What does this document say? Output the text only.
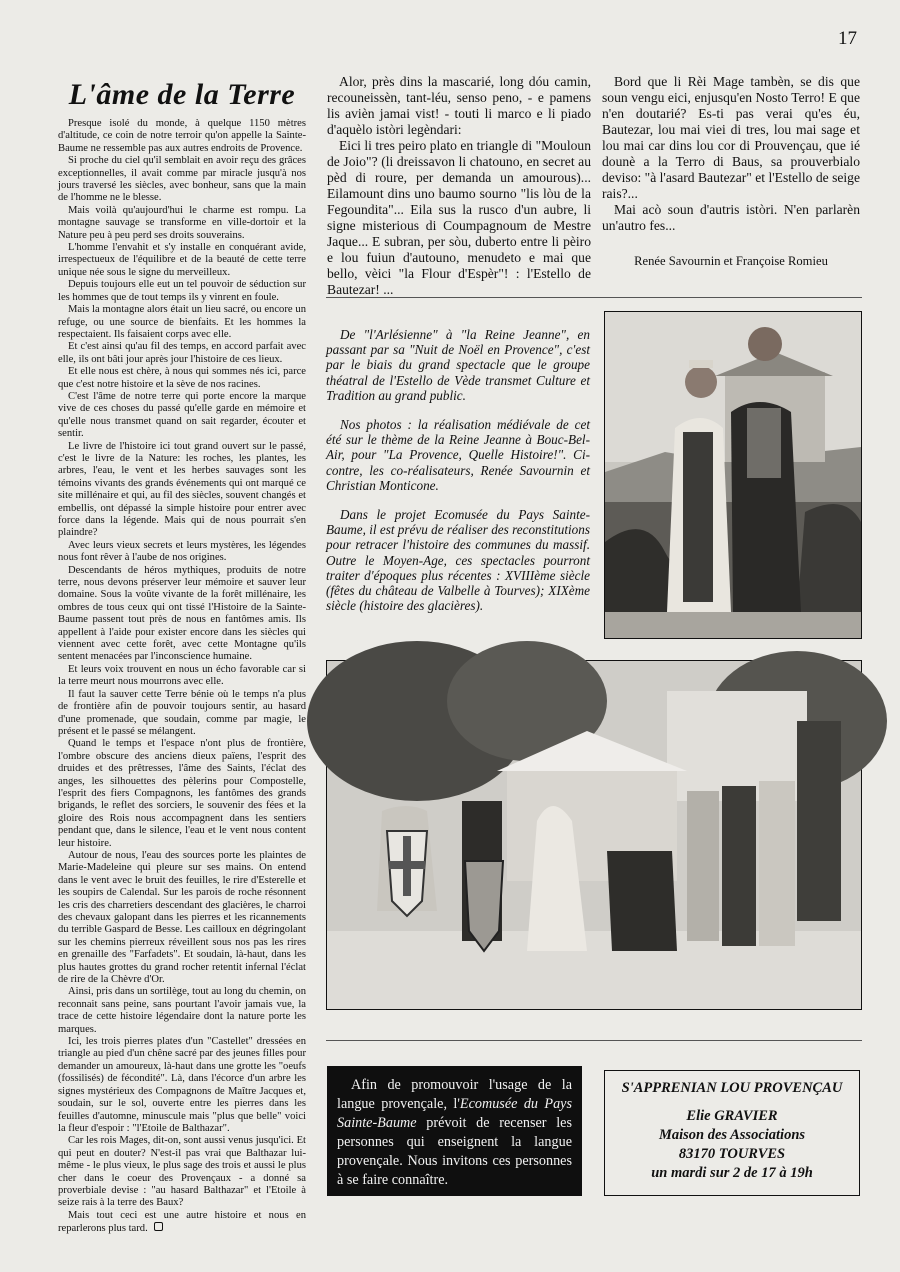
17
L'âme de la Terre

Presque isolé du monde, à quelque 1150 mètres d'altitude, ce coin de notre terroir qu'on appelle la Sainte-Baume ne ressemble pas aux autres endroits de Provence.

Si proche du ciel qu'il semblait en avoir reçu des grâces exceptionnelles, il avait comme par miracle jusqu'à nos jours traversé les siècles, avec bonheur, sans que la main de l'homme ne le blesse.

Mais voilà qu'aujourd'hui le charme est rompu. La montagne sauvage se transforme en ville-dortoir et la Nature peu à peu perd ses droits souverains.

L'homme l'envahit et s'y installe en conquérant avide, irrespectueux de l'équilibre et de la beauté de cette terre unique née sous le signe du merveilleux.

Depuis toujours elle eut un tel pouvoir de séduction sur les hommes que de tout temps ils y vinrent en foule.

Mais la montagne alors était un lieu sacré, ou encore un refuge, ou une source de bienfaits. Et les hommes la respectaient. Ils faisaient corps avec elle.

Et c'est ainsi qu'au fil des temps, en accord parfait avec elle, ils ont bâti jour après jour l'histoire de ces lieux.

Et elle nous est chère, à nous qui sommes nés ici, parce que c'est notre histoire et la sève de nos racines.

C'est l'âme de notre terre qui porte encore la marque vive de ces choses du passé qu'elle garde en mémoire et qu'elle nous transmet quand on sait regarder, écouter et sentir.

Le livre de l'histoire ici tout grand ouvert sur le passé, c'est le livre de la Nature: les roches, les plantes, les arbres, l'eau, le vent et les herbes sauvages sont les témoins vivants des grands événements qui ont marqué ce site millénaire et qui, au fil des siècles, souvent changés et embellis, ont dépassé la simple histoire pour entrer avec force dans la légende. Mais qui de nous pourrait s'en plaindre?

Avec leurs vieux secrets et leurs mystères, les légendes nous font rêver à l'aube de nos origines.

Descendants de héros mythiques, produits de notre terre, nous devons préserver leur mémoire et sauver leur domaine. Sous la voûte vivante de la forêt millénaire, les ombres de tous ceux qui ont tissé l'Histoire de la Sainte-Baume passent tout près de nous en fantômes amis. Ils appellent à l'aide pour exister encore dans les siècles qui viennent avec cette forêt, avec cette Montagne qu'ils sentent menacées par l'inconscience humaine.

Et leurs voix trouvent en nous un écho favorable car si la terre meurt nous mourrons avec elle.

Il faut la sauver cette Terre bénie où le temps n'a plus de frontière afin de pouvoir toujours sentir, au hasard d'une promenade, que soudain, comme par magie, le présent et le passé se mélangent.

Quand le temps et l'espace n'ont plus de frontière, l'ombre obscure des anciens dieux païens, l'esprit des druides et des prêtresses, l'âme des Saints, l'éclat des anges, les silhouettes des pèlerins pour Compostelle, l'esprit des fiers Compagnons, les fantômes des grands brigands, le reflet des sorciers, le souvenir des fées et la gloire des Rois nous accompagnent dans les sentiers pendant que, dans le silence, l'eau et le vent nous content leur histoire.

Autour de nous, l'eau des sources porte les plaintes de Marie-Madeleine qui pleure sur ses mains. On entend dans le vent avec le bruit des feuilles, le rire d'Esterelle et les soupirs de Calendal. Sur les parois de roche résonnent les cris des charretiers descendant des glacières, le charroi des chevaux galopant dans les pierres et les ricannements du terrible Gaspard de Besse. Les cailloux en dégringolant sur les chemins pierreux réveillent sous nos pas les rires en grenaille des "Farfadets". Et soudain, là-haut, dans les plus hautes grottes du grand rocher retentit infernal l'éclat de rire de la Chèvre d'Or.

Ainsi, pris dans un sortilège, tout au long du chemin, on reconnait sans peine, sans pourtant l'avoir jamais vue, la trace de cette histoire légendaire dont la nature porte les marques.

Ici, les trois pierres plates d'un "Castellet" dressées en triangle au pied d'un chêne sacré par des jeunes filles pour demander un amoureux, là-haut dans une grotte les "oeufs (fossilisés) de fécondité". Là, dans l'écorce d'un arbre les signes mystérieux des Compagnons de Maître Jacques et, soudain, sur le sol, ouverte entre les pierres dans les feuilles d'automne, minuscule mais "plus que belle" voici la fleur d'espoir : "l'Etoile de Balthazar".

Car les rois Mages, dit-on, sont aussi venus jusqu'ici. Et qui peut en douter? N'est-il pas vrai que Balthazar lui-même - le plus vieux, le plus sage des trois et aussi le plus cher dans le coeur des Provençaux - a donné sa proverbiale devise : "au hasard Balthazar" et l'Etoile à seize rais à la terre des Baux?

Mais tout ceci est une autre histoire et nous en reparlerons plus tard.

Alor, près dins la mascarié, long dóu camin, recouneissèn, tant-léu, senso peno, - e pamens lis avièn jamai vist! - touti li marco e li piado d'aquèlo istòri legèndari:

Eici li tres peiro plato en triangle di "Mouloun de Joio"? (li dreissavon li chatouno, en secret au pèd di roure, per demanda un amourous)... Eilamount dins uno baumo sourno "lis lòu de la Fegoundita"... Eila sus la rusco d'un aubre, li signe misterious di Coumpagnoum de Mestre Jaque... E subran, per sòu, duberto entre li pèiro e lou fuiun d'autouno, menudeto e mai que bello, vèici "la Flour d'Espèr"! : l'Estello de Bautezar! ...

Bord que li Rèi Mage tambèn, se dis que soun vengu eici, enjusqu'en Nosto Terro! E que n'en doutarié? Es-ti pas verai qu'es éu, Bautezar, lou mai viei di tres, lou mai sage et lou mai car dins lou cor di Prouvençau, que ié dounè a la Terro di Baus, sa prouverbialo deviso: "à l'asard Bautezar" et l'Estello de seige rais?...

Mai acò soun d'autris istòri. N'en parlarèn un'autro fes...

Renée Savournin et Françoise Romieu

De "l'Arlésienne" à "la Reine Jeanne", en passant par sa "Nuit de Noël en Provence", c'est par le biais du grand spectacle que le groupe théatral de l'Estello de Vède transmet Culture et Tradition au grand public.

Nos photos : la réalisation médiévale de cet été sur le thème de la Reine Jeanne à Bouc-Bel-Air, pour "La Provence, Quelle Histoire!". Ci-contre, les co-réalisateurs, Renée Savournin et Christian Monticone.

Dans le projet Ecomusée du Pays Sainte-Baume, il est prévu de réaliser des reconstitutions pour retracer l'histoire des communes du massif. Outre le Moyen-Age, ces spectacles pourront traiter d'époques plus récentes : XVIIIème siècle (fêtes du château de Valbelle à Tourves); XIXème siècle (histoire des glacières).

Afin de promouvoir l'usage de la langue provençale, l'Ecomusée du Pays Sainte-Baume prévoit de recenser les personnes qui enseignent la langue provençale. Nous invitons ces personnes à se faire connaître.
S'APPRENIAN LOU PROVENÇAU
Elie GRAVIER
Maison des Associations
83170 TOURVES
un mardi sur 2 de 17 à 19h
